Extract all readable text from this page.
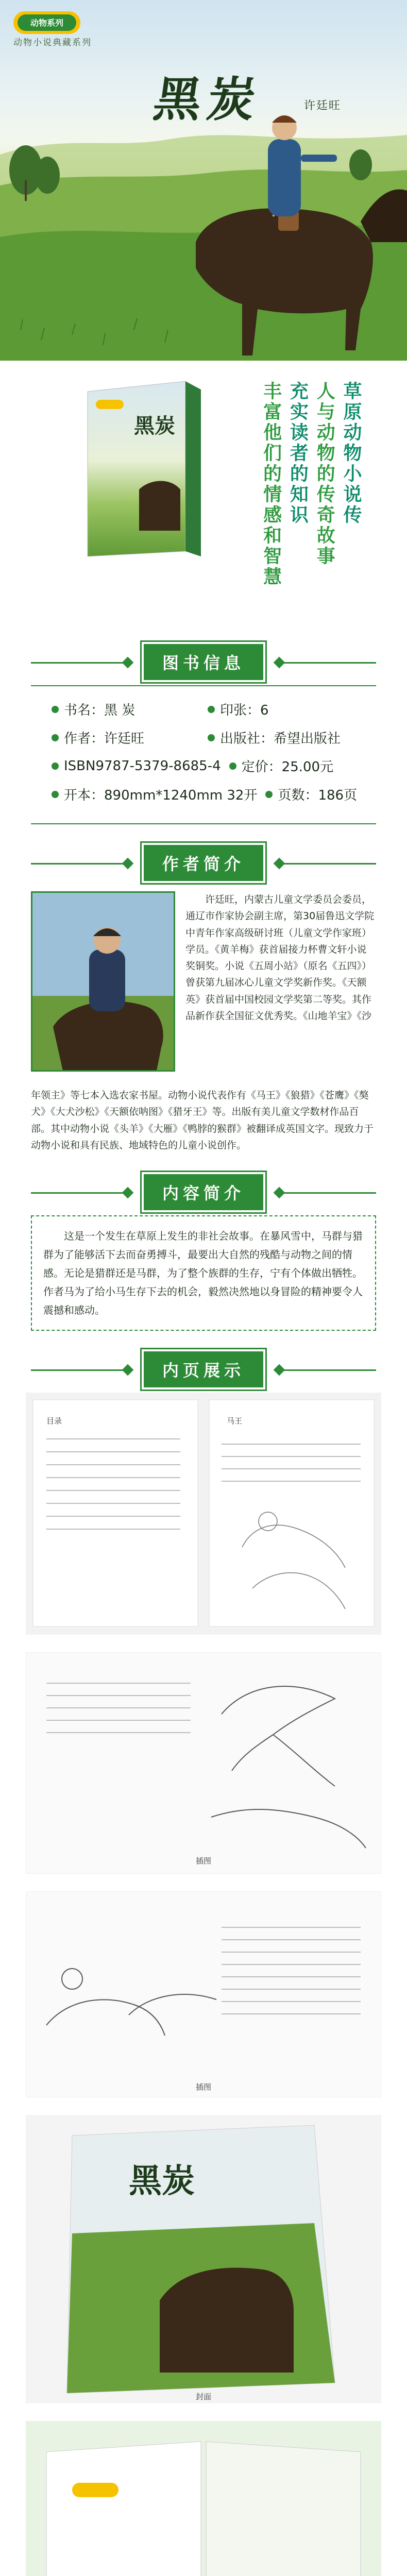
动物系列
动物小说典藏系列
黑炭	许廷旺
黑炭	草原动物小说传
人与动物的传奇故事
充实读者的知识
丰富他们的情感和智慧
图书信息
书名：黑 炭	印张：6
作者：许廷旺	出版社：希望出版社
ISBN9787-5379-8685-4 定价：25.00元
开本：890mm*1240mm 32开 页数：186页
作者简介
许廷旺，内蒙古儿童文学委员会委员，通辽市作家协会副主席，第30届鲁迅文学院中青年作家高级研讨班（儿童文学作家班）学员。《黄羊梅》获首届接力杯曹文轩小说奖铜奖。小说《五周小站》（原名《五四》）曾获第九届冰心儿童文学奖新作奖。《天额英》获首届中国校园文学奖第二等奖。其作品新作获全国征文优秀奖。《山地羊宝》《沙
年领主》等七本入选农家书屋。动物小说代表作有《马王》《狼猎》《苍鹰》《獒犬》《大犬沙松》《天额依呐图》《猎牙王》等。出版有美儿童文学数材作品百部。其中动物小说《头羊》《大雁》《鸭脖的猴群》被翻译成英国文字。现致力于动物小说和具有民族、地域特色的儿童小说创作。
内容简介
这是一个发生在草原上发生的非社会故事。在暴风雪中，马群与猎群为了能够活下去而奋勇搏斗，最要出大自然的残酷与动物之间的情感。无论是猎群还是马群，为了整个族群的生存，宁有个体做出牺牲。作者马为了给小马生存下去的机会，毅然决然地以身冒险的精神要令人震撼和感动。
内页展示
目录	马王
插图
插图
黑炭
封面
